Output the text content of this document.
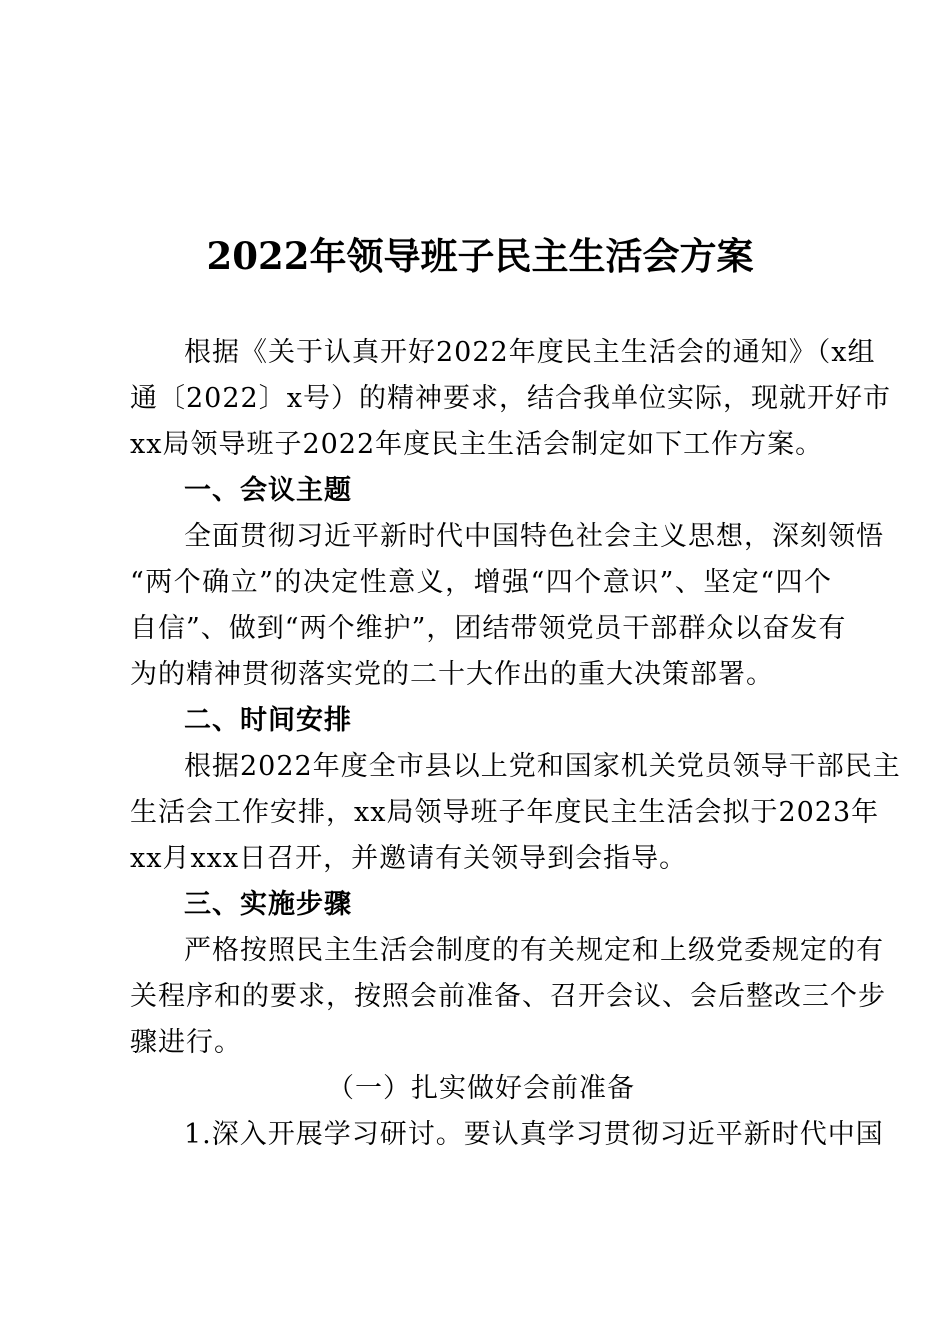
2022年领导班子民主生活会方案
根据《关于认真开好2022年度民主生活会的通知》（x组
通〔2022〕x号）的精神要求，结合我单位实际，现就开好市
xx局领导班子2022年度民主生活会制定如下工作方案。
一、会议主题
全面贯彻习近平新时代中国特色社会主义思想，深刻领悟
“两个确立”的决定性意义，增强“四个意识”、坚定“四个
自信”、做到“两个维护”，团结带领党员干部群众以奋发有
为的精神贯彻落实党的二十大作出的重大决策部署。
二、时间安排
根据2022年度全市县以上党和国家机关党员领导干部民主
生活会工作安排，xx局领导班子年度民主生活会拟于2023年
xx月xxx日召开，并邀请有关领导到会指导。
三、实施步骤
严格按照民主生活会制度的有关规定和上级党委规定的有
关程序和的要求，按照会前准备、召开会议、会后整改三个步
骤进行。
（一）扎实做好会前准备
1.深入开展学习研讨。要认真学习贯彻习近平新时代中国
